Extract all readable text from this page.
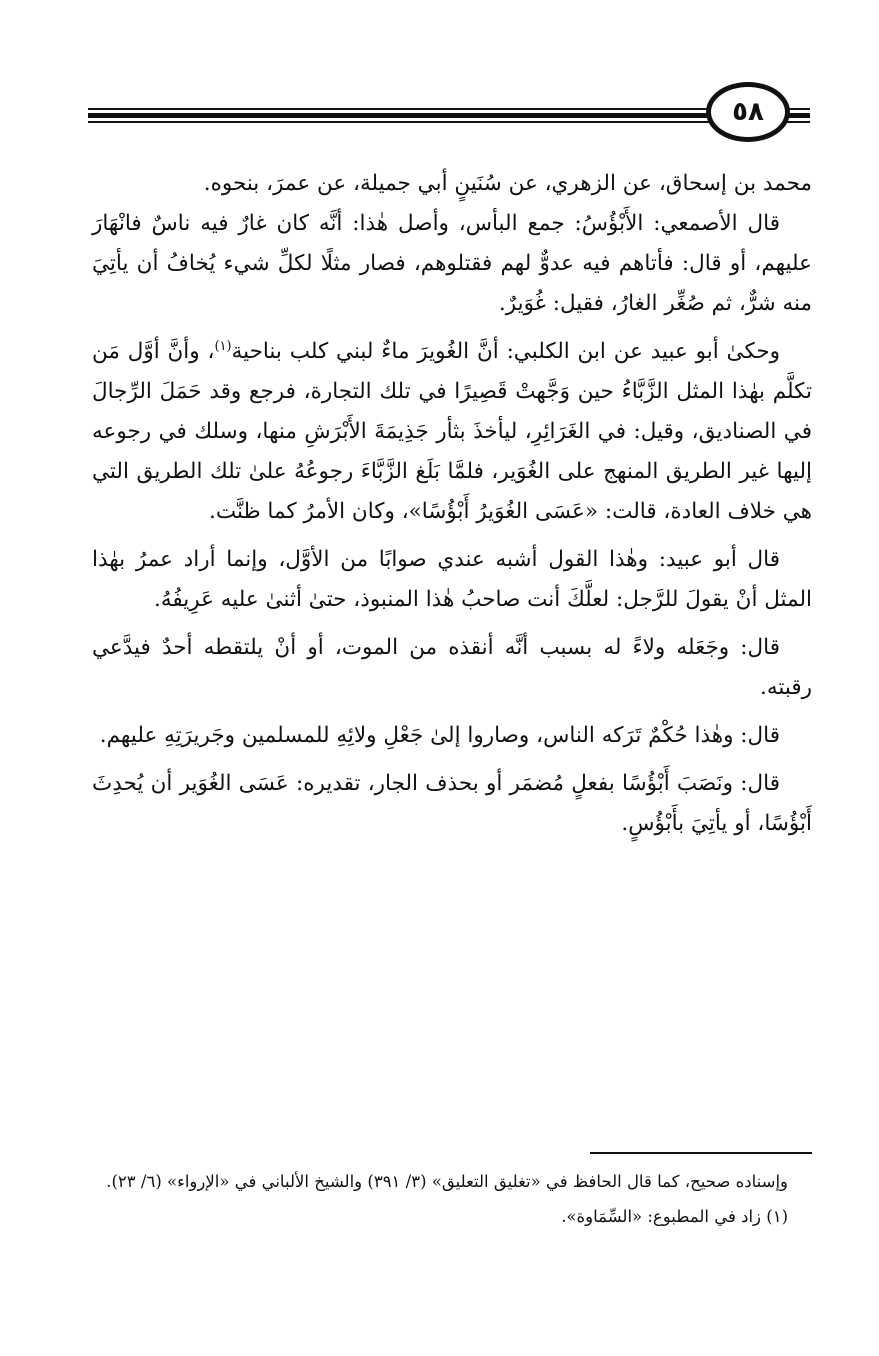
٥٨

محمد بن إسحاق، عن الزهري، عن سُنَينٍ أبي جميلة، عن عمرَ، بنحوه.

قال الأصمعي: الأَبْؤُسُ: جمع البأس، وأصل هٰذا: أنَّه كان غارٌ فيه ناسٌ فانْهَارَ عليهم، أو قال: فأتاهم فيه عدوٌّ لهم فقتلوهم، فصار مثلًا لكلِّ شيء يُخافُ أن يأتِيَ منه شرٌّ، ثم صُغِّر الغارُ، فقيل: غُوَيرٌ.

وحكىٰ أبو عبيد عن ابن الكلبي: أنَّ الغُويرَ ماءٌ لبني كلب بناحية$^{(١)}$، وأنَّ أوَّل مَن تكلَّم بهٰذا المثل الزَّبَّاءُ حين وَجَّهتْ قَصِيرًا في تلك التجارة، فرجع وقد حَمَلَ الرِّجالَ في الصناديق، وقيل: في الغَرَائِرِ، ليأخذَ بثأر جَذِيمَةَ الأَبْرَشِ منها، وسلك في رجوعه إليها غير الطريق المنهج على الغُوَير، فلمَّا بَلَغ الزَّبَّاءَ رجوعُهُ علىٰ تلك الطريق التي هي خلاف العادة، قالت: «عَسَى الغُوَيرُ أَبْؤُسًا»، وكان الأمرُ كما ظنَّت.

قال أبو عبيد: وهٰذا القول أشبه عندي صوابًا من الأوَّل، وإنما أراد عمرُ بهٰذا المثل أنْ يقولَ للرَّجل: لعلَّكَ أنت صاحبُ هٰذا المنبوذ، حتىٰ أثنىٰ عليه عَرِيفُهُ.

قال: وجَعَله ولاءً له بسبب أنَّه أنقذه من الموت، أو أنْ يلتقطه أحدٌ فيدَّعي رقبته.

قال: وهٰذا حُكْمٌ تَرَكه الناس، وصاروا إلىٰ جَعْلِ ولائِهِ للمسلمين وجَريرَتِهِ عليهم.

قال: ونَصَبَ أَبْؤُسًا بفعلٍ مُضمَر أو بحذف الجار، تقديره: عَسَى الغُوَير أن يُحدِثَ أَبْؤُسًا، أو يأتِيَ بأَبْؤُسٍ.

وإسناده صحيح، كما قال الحافظ في «تغليق التعليق» (٣/ ٣٩١) والشيخ الألباني في «الإرواء» (٦/ ٢٣).

(١) زاد في المطبوع: «السِّمَاوة».
